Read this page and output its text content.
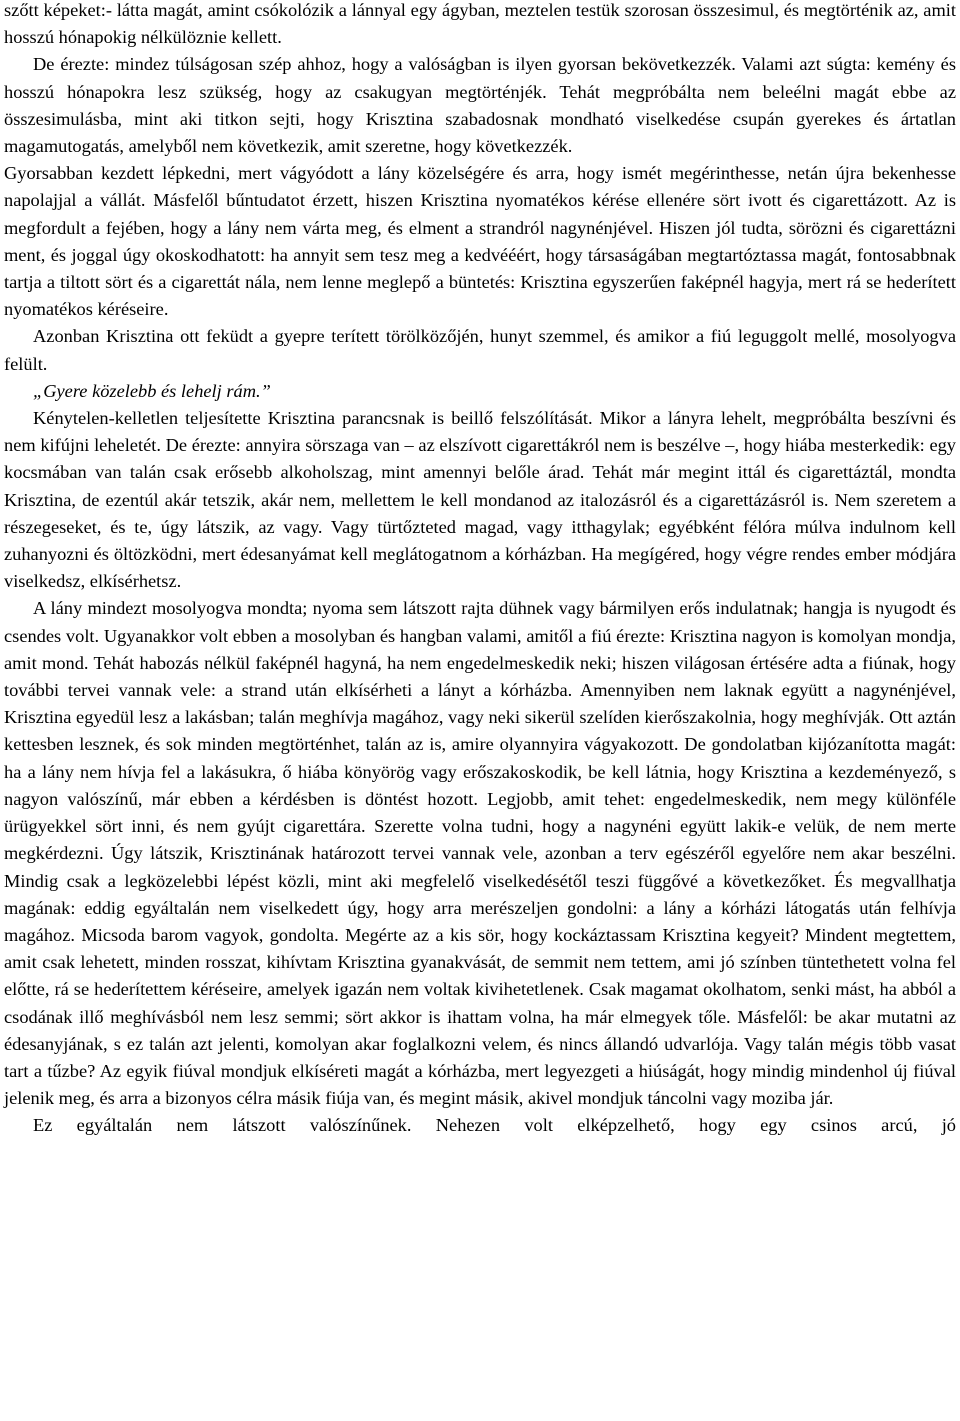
szőtt képeket:- látta magát, amint csókolózik a lánnyal egy ágyban, meztelen testük szorosan összesimul, és megtörténik az, amit hosszú hónapokig nélkülöznie kellett.

De érezte: mindez túlságosan szép ahhoz, hogy a valóságban is ilyen gyorsan bekövetkezzék. Valami azt súgta: kemény és hosszú hónapokra lesz szükség, hogy az csakugyan megtörténjék. Tehát megpróbálta nem beleélni magát ebbe az összesimulásba, mint aki titkon sejti, hogy Krisztina szabadosnak mondható viselkedése csupán gyerekes és ártatlan magamutogatás, amelyből nem következik, amit szeretne, hogy következzék.

Gyorsabban kezdett lépkedni, mert vágyódott a lány közelségére és arra, hogy ismét megérinthesse, netán újra bekenhesse napolajjal a vállát. Másfelől bűntudatot érzett, hiszen Krisztina nyomatékos kérése ellenére sört ivott és cigarettázott. Az is megfordult a fejében, hogy a lány nem várta meg, és elment a strandról nagynénjével. Hiszen jól tudta, sörözni és cigarettázni ment, és joggal úgy okoskodhatott: ha annyit sem tesz meg a kedvééért, hogy társaságában megtartóztassa magát, fontosabbnak tartja a tiltott sört és a cigarettát nála, nem lenne meglepő a büntetés: Krisztina egyszerűen faképnél hagyja, mert rá se hederített nyomatékos kéréseire.

Azonban Krisztina ott feküdt a gyepre terített törölközőjén, hunyt szemmel, és amikor a fiú leguggolt mellé, mosolyogva felült.

„Gyere közelebb és lehelj rám.”

Kénytelen-kelletlen teljesítette Krisztina parancsnak is beillő felszólítását. Mikor a lányra lehelt, megpróbálta beszívni és nem kifújni leheletét. De érezte: annyira sörszaga van – az elszívott cigarettákról nem is beszélve –, hogy hiába mesterkedik: egy kocsmában van talán csak erősebb alkoholszag, mint amennyi belőle árad. Tehát már megint ittál és cigarettáztál, mondta Krisztina, de ezentúl akár tetszik, akár nem, mellettem le kell mondanod az italozásról és a cigarettázásról is. Nem szeretem a részegeseket, és te, úgy látszik, az vagy. Vagy türtőzteted magad, vagy itthagylak; egyébként félóra múlva indulnom kell zuhanyozni és öltözködni, mert édesanyámat kell meglátogatnom a kórházban. Ha megígéred, hogy végre rendes ember módjára viselkedsz, elkísérhetsz.

A lány mindezt mosolyogva mondta; nyoma sem látszott rajta dühnek vagy bármilyen erős indulatnak; hangja is nyugodt és csendes volt. Ugyanakkor volt ebben a mosolyban és hangban valami, amitől a fiú érezte: Krisztina nagyon is komolyan mondja, amit mond. Tehát habozás nélkül faképnél hagyná, ha nem engedelmeskedik neki; hiszen világosan értésére adta a fiúnak, hogy további tervei vannak vele: a strand után elkísérheti a lányt a kórházba. Amennyiben nem laknak együtt a nagynénjével, Krisztina egyedül lesz a lakásban; talán meghívja magához, vagy neki sikerül szelíden kierőszakolnia, hogy meghívják. Ott aztán kettesben lesznek, és sok minden megtörténhet, talán az is, amire olyannyira vágyakozott. De gondolatban kijózanította magát: ha a lány nem hívja fel a lakásukra, ő hiába könyörög vagy erőszakoskodik, be kell látnia, hogy Krisztina a kezdeményező, s nagyon valószínű, már ebben a kérdésben is döntést hozott. Legjobb, amit tehet: engedelmeskedik, nem megy különféle ürügyekkel sört inni, és nem gyújt cigarettára. Szerette volna tudni, hogy a nagynéni együtt lakik-e velük, de nem merte megkérdezni. Úgy látszik, Krisztinának határozott tervei vannak vele, azonban a terv egészéről egyelőre nem akar beszélni. Mindig csak a legközelebbi lépést közli, mint aki megfelelő viselkedésétől teszi függővé a következőket. És megvallhatja magának: eddig egyáltalán nem viselkedett úgy, hogy arra merészeljen gondolni: a lány a kórházi látogatás után felhívja magához. Micsoda barom vagyok, gondolta. Megérte az a kis sör, hogy kockáztassam Krisztina kegyeit? Mindent megtettem, amit csak lehetett, minden rosszat, kihívtam Krisztina gyanakvását, de semmit nem tettem, ami jó színben tüntethetett volna fel előtte, rá se hederítettem kéréseire, amelyek igazán nem voltak kivihetetlenek. Csak magamat okolhatom, senki mást, ha abból a csodának illő meghívásból nem lesz semmi; sört akkor is ihattam volna, ha már elmegyek tőle. Másfelől: be akar mutatni az édesanyjának, s ez talán azt jelenti, komolyan akar foglalkozni velem, és nincs állandó udvarlója. Vagy talán mégis több vasat tart a tűzbe? Az egyik fiúval mondjuk elkíséreti magát a kórházba, mert legyezgeti a hiúságát, hogy mindig mindenhol új fiúval jelenik meg, és arra a bizonyos célra másik fiúja van, és megint másik, akivel mondjuk táncolni vagy moziba jár.

Ez egyáltalán nem látszott valószínűnek. Nehezen volt elképzelhető, hogy egy csinos arcú, jó
